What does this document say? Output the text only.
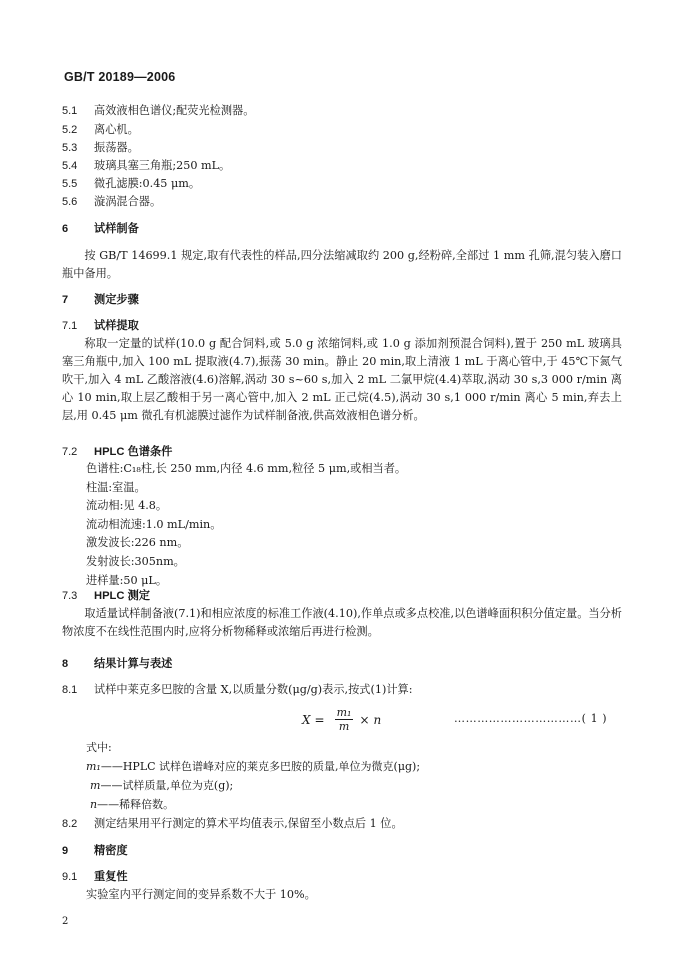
GB/T 20189—2006
5.1 高效液相色谱仪;配荧光检测器。
5.2 离心机。
5.3 振荡器。
5.4 玻璃具塞三角瓶;250 mL。
5.5 微孔滤膜:0.45 μm。
5.6 漩涡混合器。
6 试样制备

按 GB/T 14699.1 规定,取有代表性的样品,四分法缩减取约 200 g,经粉碎,全部过 1 mm 孔筛,混匀装入磨口瓶中备用。

7 测定步骤
7.1 试样提取

称取一定量的试样(10.0 g 配合饲料,或 5.0 g 浓缩饲料,或 1.0 g 添加剂预混合饲料),置于 250 mL 玻璃具塞三角瓶中,加入 100 mL 提取液(4.7),振荡 30 min。静止 20 min,取上清液 1 mL 于离心管中,于 45℃下氮气吹干,加入 4 mL 乙酸溶液(4.6)溶解,涡动 30 s~60 s,加入 2 mL 二氯甲烷(4.4)萃取,涡动 30 s,3 000 r/min 离心 10 min,取上层乙酸相于另一离心管中,加入 2 mL 正己烷(4.5),涡动 30 s,1 000 r/min 离心 5 min,弃去上层,用 0.45 μm 微孔有机滤膜过滤作为试样制备液,供高效液相色谱分析。

7.2 HPLC 色谱条件
色谱柱:C₁₈柱,长 250 mm,内径 4.6 mm,粒径 5 μm,或相当者。
柱温:室温。
流动相:见 4.8。
流动相流速:1.0 mL/min。
激发波长:226 nm。
发射波长:305nm。
进样量:50 μL。
7.3 HPLC 测定

取适量试样制备液(7.1)和相应浓度的标准工作液(4.10),作单点或多点校准,以色谱峰面积积分值定量。当分析物浓度不在线性范围内时,应将分析物稀释或浓缩后再进行检测。

8 结果计算与表述
8.1 试样中莱克多巴胺的含量 X,以质量分数(μg/g)表示,按式(1)计算:
$X = \frac{\text{m₁}}{m} \times n$	……………………………( 1 )
式中:
m₁——HPLC 试样色谱峰对应的莱克多巴胺的质量,单位为微克(μg);
m——试样质量,单位为克(g);
n——稀释倍数。
8.2 测定结果用平行测定的算术平均值表示,保留至小数点后 1 位。
9 精密度
9.1 重复性
实验室内平行测定间的变异系数不大于 10%。
2
